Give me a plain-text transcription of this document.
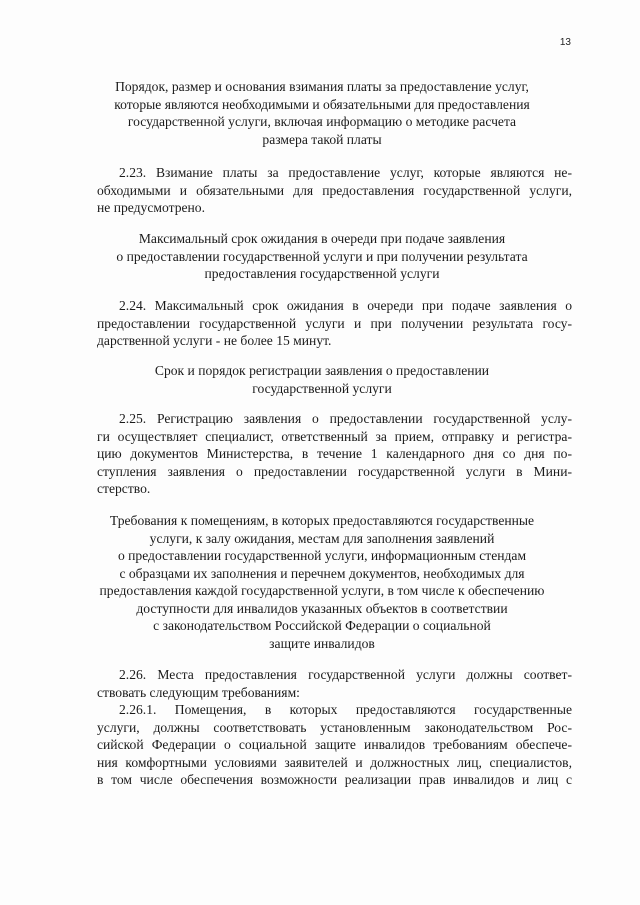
13
Порядок, размер и основания взимания платы за предоставление услуг,
которые являются необходимыми и обязательными для предоставления
государственной услуги, включая информацию о методике расчета
размера такой платы
2.23. Взимание платы за предоставление услуг, которые являются не-
обходимыми и обязательными для предоставления государственной услуги,
не предусмотрено.
Максимальный срок ожидания в очереди при подаче заявления
о предоставлении государственной услуги и при получении результата
предоставления государственной услуги
2.24. Максимальный срок ожидания в очереди при подаче заявления о
предоставлении государственной услуги и при получении результата госу-
дарственной услуги - не более 15 минут.
Срок и порядок регистрации заявления о предоставлении
государственной услуги
2.25. Регистрацию заявления о предоставлении государственной услу-
ги осуществляет специалист, ответственный за прием, отправку и регистра-
цию документов Министерства, в течение 1 календарного дня со дня по-
ступления заявления о предоставлении государственной услуги в Мини-
стерство.
Требования к помещениям, в которых предоставляются государственные
услуги, к залу ожидания, местам для заполнения заявлений
о предоставлении государственной услуги, информационным стендам
с образцами их заполнения и перечнем документов, необходимых для
предоставления каждой государственной услуги, в том числе к обеспечению
доступности для инвалидов указанных объектов в соответствии
с законодательством Российской Федерации о социальной
защите инвалидов
2.26. Места предоставления государственной услуги должны соответ-
ствовать следующим требованиям:
2.26.1. Помещения, в которых предоставляются государственные
услуги, должны соответствовать установленным законодательством Рос-
сийской Федерации о социальной защите инвалидов требованиям обеспече-
ния комфортными условиями заявителей и должностных лиц, специалистов,
в том числе обеспечения возможности реализации прав инвалидов и лиц с
